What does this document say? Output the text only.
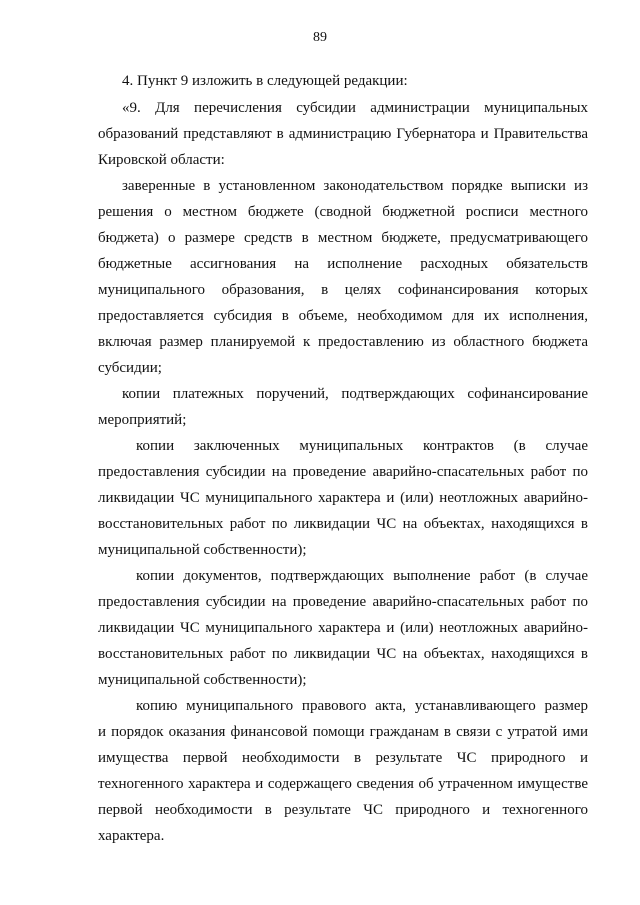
89
4. Пункт 9 изложить в следующей редакции:
«9. Для перечисления субсидии администрации муниципальных
образований представляют в администрацию Губернатора и Правительства
Кировской области:
заверенные в установленном законодательством порядке выписки из
решения о местном бюджете (сводной бюджетной росписи местного
бюджета) о размере средств в местном бюджете, предусматривающего
бюджетные ассигнования на исполнение расходных обязательств
муниципального образования, в целях софинансирования которых
предоставляется субсидия в объеме, необходимом для их исполнения,
включая размер планируемой к предоставлению из областного бюджета
субсидии;
копии платежных поручений, подтверждающих софинансирование
мероприятий;
копии заключенных муниципальных контрактов (в случае
предоставления субсидии на проведение аварийно-спасательных работ по
ликвидации ЧС муниципального характера и (или) неотложных аварийно-
восстановительных работ по ликвидации ЧС на объектах, находящихся в
муниципальной собственности);
копии документов, подтверждающих выполнение работ (в случае
предоставления субсидии на проведение аварийно-спасательных работ по
ликвидации ЧС муниципального характера и (или) неотложных аварийно-
восстановительных работ по ликвидации ЧС на объектах, находящихся в
муниципальной собственности);
копию муниципального правового акта, устанавливающего размер
и порядок оказания финансовой помощи гражданам в связи с утратой ими
имущества первой необходимости в результате ЧС природного и
техногенного характера и содержащего сведения об утраченном имуществе
первой необходимости в результате ЧС природного и техногенного
характера.
